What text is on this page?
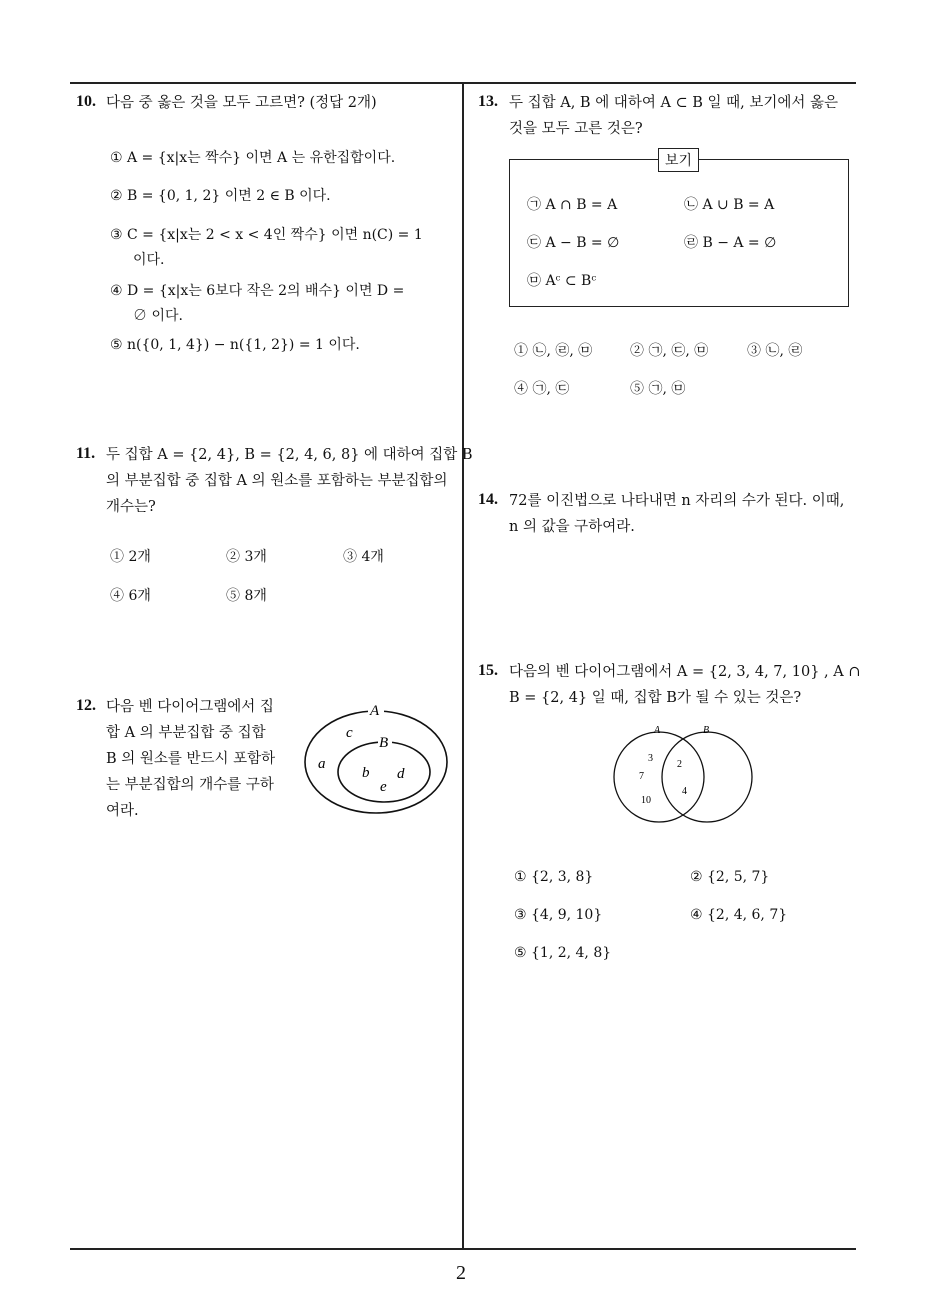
2
10. 다음 중 옳은 것을 모두 고르면? (정답 2개)
① A = {x|x는 짝수} 이면 A 는 유한집합이다.
② B = {0, 1, 2} 이면 2 ∈ B 이다.
③ C = {x|x는 2 < x < 4인 짝수} 이면 n(C) = 1
이다.
④ D = {x|x는 6보다 작은 2의 배수} 이면 D =
∅ 이다.
⑤ n({0, 1, 4}) − n({1, 2}) = 1 이다.
11. 두 집합 A = {2, 4}, B = {2, 4, 6, 8} 에 대하여 집합 B
의 부분집합 중 집합 A 의 원소를 포함하는 부분집합의
개수는?
① 2개	② 3개	③ 4개
④ 6개	⑤ 8개
12. 다음 벤 다이어그램에서 집
합 A 의 부분집합 중 집합
B 의 원소를 반드시 포함하
는 부분집합의 개수를 구하
여라.
A
B
c
a
b d
e
13. 두 집합 A, B 에 대하여 A ⊂ B 일 때, 보기에서 옳은
것을 모두 고른 것은?
보기
㉠ A ∩ B = A	㉡ A ∪ B = A
㉢ A − B = ∅	㉣ B − A = ∅
㉤ Aᶜ ⊂ Bᶜ
① ㉡, ㉣, ㉤	② ㉠, ㉢, ㉤	③ ㉡, ㉣
④ ㉠, ㉢	⑤ ㉠, ㉤
14. 72를 이진법으로 나타내면 n 자리의 수가 된다. 이때,
n 의 값을 구하여라.
15. 다음의 벤 다이어그램에서 A = {2, 3, 4, 7, 10} , A ∩
B = {2, 4} 일 때, 집합 B가 될 수 있는 것은?
A	B
3
7
10
2
4
① {2, 3, 8}	② {2, 5, 7}
③ {4, 9, 10}	④ {2, 4, 6, 7}
⑤ {1, 2, 4, 8}
